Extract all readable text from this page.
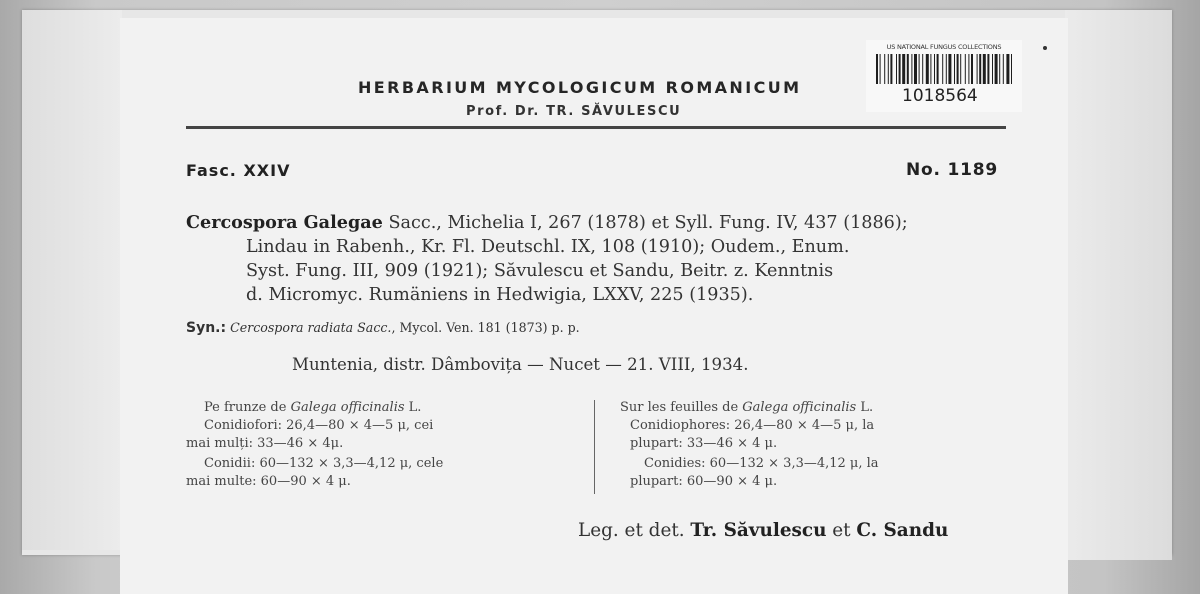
US NATIONAL FUNGUS COLLECTIONS
1018564
HERBARIUM MYCOLOGICUM ROMANICUM
Prof. Dr. TR. SĂVULESCU
Fasc. XXIV	No. 1189
Cercospora Galegae Sacc., Michelia I, 267 (1878) et Syll. Fung. IV, 437 (1886);
Lindau in Rabenh., Kr. Fl. Deutschl. IX, 108 (1910); Oudem., Enum.
Syst. Fung. III, 909 (1921); Săvulescu et Sandu, Beitr. z. Kenntnis
d. Micromyc. Rumäniens in Hedwigia, LXXV, 225 (1935).
Syn.: Cercospora radiata Sacc., Mycol. Ven. 181 (1873) p. p.
Muntenia, distr. Dâmbovița — Nucet — 21. VIII, 1934.
Pe frunze de Galega officinalis L.
Conidiofori: 26,4—80 × 4—5 μ, cei
mai mulți: 33—46 × 4μ.
Conidii: 60—132 × 3,3—4,12 μ, cele
mai multe: 60—90 × 4 μ.
Sur les feuilles de Galega officinalis L.
Conidiophores: 26,4—80 × 4—5 μ, la
plupart: 33—46 × 4 μ.
Conidies: 60—132 × 3,3—4,12 μ, la
plupart: 60—90 × 4 μ.
Leg. et det. Tr. Săvulescu et C. Sandu
